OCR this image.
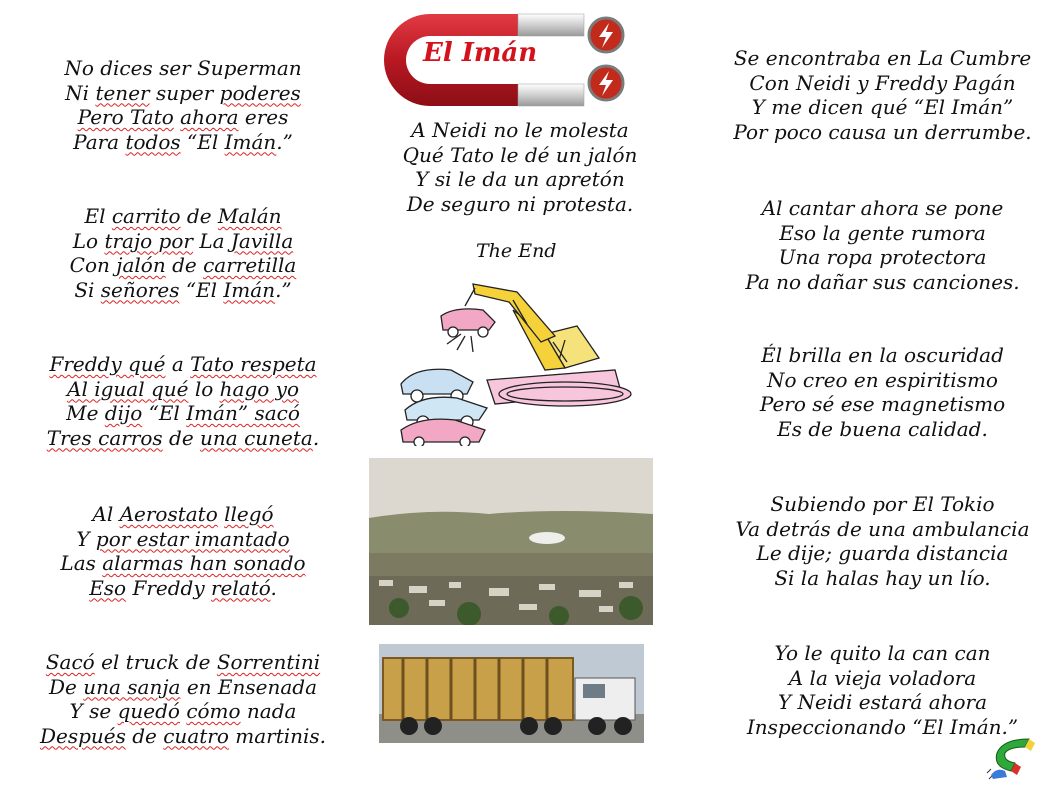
El Imán
A Neidi no le molesta
Qué Tato le dé un jalón
Y si le da un apretón
De seguro ni protesta.
The End
No dices ser Superman
Ni tener super poderes
Pero Tato ahora eres
Para todos “El Imán.”
El carrito de Malán
Lo trajo por La Javilla
Con jalón de carretilla
Si señores “El Imán.”
Freddy qué a Tato respeta
Al igual qué lo hago yo
Me dijo “El Imán” sacó
Tres carros de una cuneta.
Al Aerostato llegó
Y por estar imantado
Las alarmas han sonado
Eso Freddy relató.
Sacó el truck de Sorrentini
De una sanja en Ensenada
Y se quedó cómo nada
Después de cuatro martinis.
Se encontraba en La Cumbre
Con Neidi y Freddy Pagán
Y me dicen qué “El Imán”
Por poco causa un derrumbe.
Al cantar ahora se pone
Eso la gente rumora
Una ropa protectora
Pa no dañar sus canciones.
Él brilla en la oscuridad
No creo en espiritismo
Pero sé ese magnetismo
Es de buena calidad.
Subiendo por El Tokio
Va detrás de una ambulancia
Le dije; guarda distancia
Si la halas hay un lío.
Yo le quito la can can
A la vieja voladora
Y Neidi estará ahora
Inspeccionando “El Imán.”
